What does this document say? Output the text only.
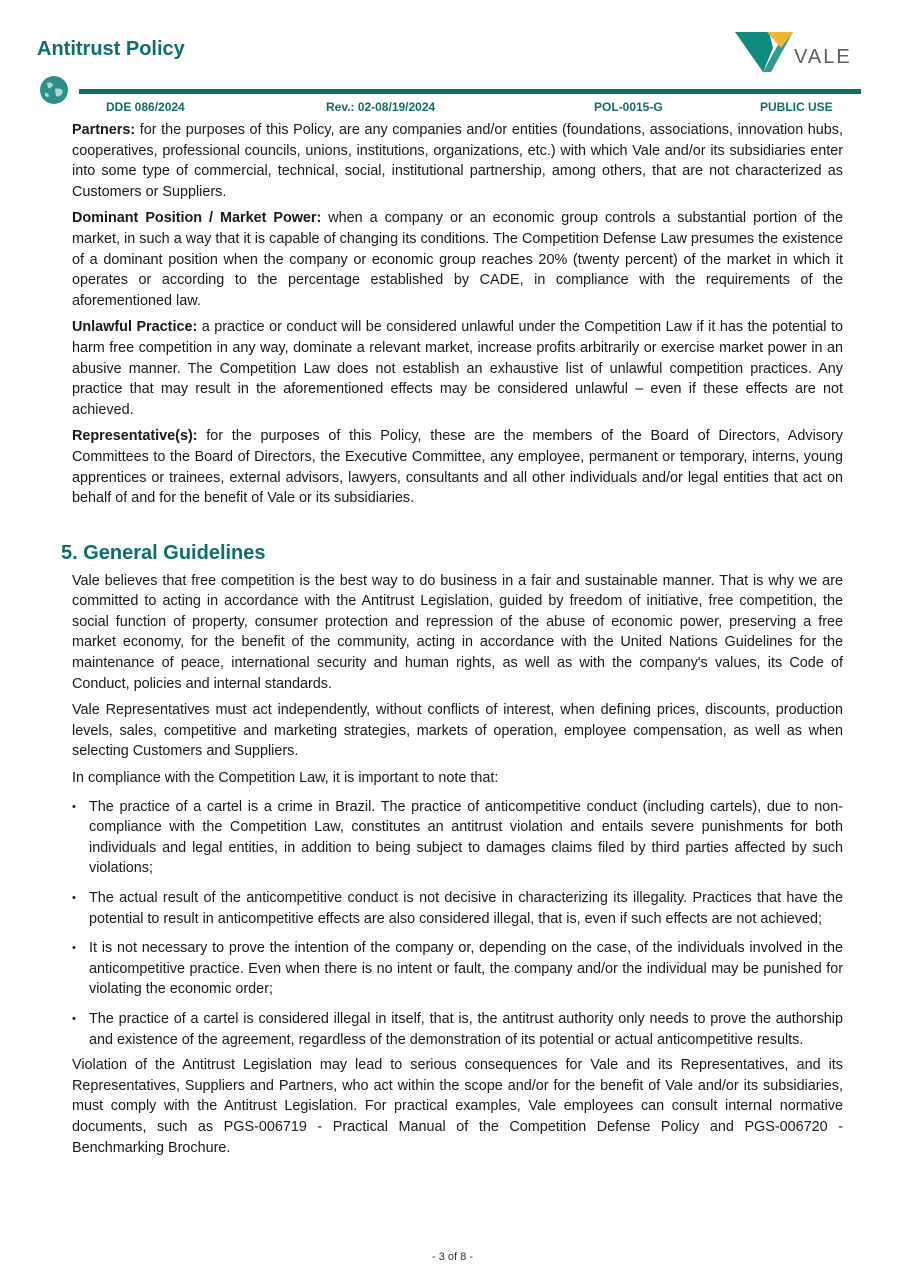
Antitrust Policy	VALE
DDE 086/2024	Rev.: 02-08/19/2024	POL-0015-G	PUBLIC USE

Partners: for the purposes of this Policy, are any companies and/or entities (foundations, associations, innovation hubs, cooperatives, professional councils, unions, institutions, organizations, etc.) with which Vale and/or its subsidiaries enter into some type of commercial, technical, social, institutional partnership, among others, that are not characterized as Customers or Suppliers.

Dominant Position / Market Power: when a company or an economic group controls a substantial portion of the market, in such a way that it is capable of changing its conditions. The Competition Defense Law presumes the existence of a dominant position when the company or economic group reaches 20% (twenty percent) of the market in which it operates or according to the percentage established by CADE, in compliance with the requirements of the aforementioned law.

Unlawful Practice: a practice or conduct will be considered unlawful under the Competition Law if it has the potential to harm free competition in any way, dominate a relevant market, increase profits arbitrarily or exercise market power in an abusive manner. The Competition Law does not establish an exhaustive list of unlawful competition practices. Any practice that may result in the aforementioned effects may be considered unlawful – even if these effects are not achieved.

Representative(s): for the purposes of this Policy, these are the members of the Board of Directors, Advisory Committees to the Board of Directors, the Executive Committee, any employee, permanent or temporary, interns, young apprentices or trainees, external advisors, lawyers, consultants and all other individuals and/or legal entities that act on behalf of and for the benefit of Vale or its subsidiaries.

5. General Guidelines

Vale believes that free competition is the best way to do business in a fair and sustainable manner. That is why we are committed to acting in accordance with the Antitrust Legislation, guided by freedom of initiative, free competition, the social function of property, consumer protection and repression of the abuse of economic power, preserving a free market economy, for the benefit of the community, acting in accordance with the United Nations Guidelines for the maintenance of peace, international security and human rights, as well as with the company's values, its Code of Conduct, policies and internal standards.

Vale Representatives must act independently, without conflicts of interest, when defining prices, discounts, production levels, sales, competitive and marketing strategies, markets of operation, employee compensation, as well as when selecting Customers and Suppliers.

In compliance with the Competition Law, it is important to note that:

• The practice of a cartel is a crime in Brazil. The practice of anticompetitive conduct (including cartels), due to non-compliance with the Competition Law, constitutes an antitrust violation and entails severe punishments for both individuals and legal entities, in addition to being subject to damages claims filed by third parties affected by such violations;
• The actual result of the anticompetitive conduct is not decisive in characterizing its illegality. Practices that have the potential to result in anticompetitive effects are also considered illegal, that is, even if such effects are not achieved;
• It is not necessary to prove the intention of the company or, depending on the case, of the individuals involved in the anticompetitive practice. Even when there is no intent or fault, the company and/or the individual may be punished for violating the economic order;
• The practice of a cartel is considered illegal in itself, that is, the antitrust authority only needs to prove the authorship and existence of the agreement, regardless of the demonstration of its potential or actual anticompetitive results.

Violation of the Antitrust Legislation may lead to serious consequences for Vale and its Representatives, and its Representatives, Suppliers and Partners, who act within the scope and/or for the benefit of Vale and/or its subsidiaries, must comply with the Antitrust Legislation. For practical examples, Vale employees can consult internal normative documents, such as PGS-006719 - Practical Manual of the Competition Defense Policy and PGS-006720 - Benchmarking Brochure.

- 3 of 8 -
